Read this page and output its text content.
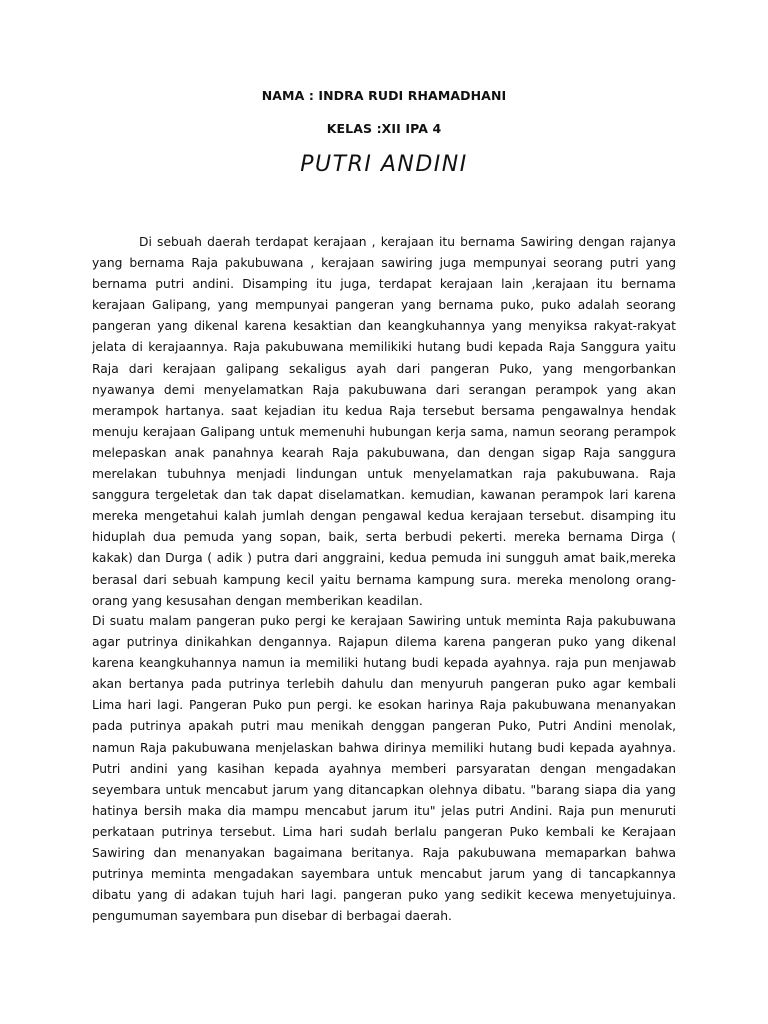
NAMA : INDRA RUDI RHAMADHANI
KELAS :XII IPA 4
PUTRI ANDINI

Di sebuah daerah terdapat kerajaan , kerajaan itu bernama Sawiring dengan rajanya yang bernama Raja pakubuwana , kerajaan sawiring juga mempunyai seorang putri yang bernama putri andini. Disamping itu juga, terdapat kerajaan lain ,kerajaan itu bernama kerajaan Galipang, yang mempunyai pangeran yang bernama puko, puko adalah seorang pangeran yang dikenal karena kesaktian dan keangkuhannya yang menyiksa rakyat-rakyat jelata di kerajaannya. Raja pakubuwana memilikiki hutang budi kepada Raja Sanggura yaitu Raja dari kerajaan galipang sekaligus ayah dari pangeran Puko, yang mengorbankan nyawanya demi menyelamatkan Raja pakubuwana dari serangan perampok yang akan merampok hartanya. saat kejadian itu kedua Raja tersebut bersama pengawalnya hendak menuju kerajaan Galipang untuk memenuhi hubungan kerja sama, namun seorang perampok melepaskan anak panahnya kearah Raja pakubuwana, dan dengan sigap Raja sanggura merelakan tubuhnya menjadi lindungan untuk menyelamatkan raja pakubuwana. Raja sanggura tergeletak dan tak dapat diselamatkan. kemudian, kawanan perampok lari karena mereka mengetahui kalah jumlah dengan pengawal kedua kerajaan tersebut. disamping itu hiduplah dua pemuda yang sopan, baik, serta berbudi pekerti. mereka bernama Dirga ( kakak) dan Durga ( adik ) putra dari anggraini, kedua pemuda ini sungguh amat baik,mereka berasal dari sebuah kampung kecil yaitu bernama kampung sura. mereka menolong orang-orang yang kesusahan dengan memberikan keadilan.

Di suatu malam pangeran puko pergi ke kerajaan Sawiring untuk meminta Raja pakubuwana agar putrinya dinikahkan dengannya. Rajapun dilema karena pangeran puko yang dikenal karena keangkuhannya namun ia memiliki hutang budi kepada ayahnya. raja pun menjawab akan bertanya pada putrinya terlebih dahulu dan menyuruh pangeran puko agar kembali Lima hari lagi. Pangeran Puko pun pergi. ke esokan harinya Raja pakubuwana menanyakan pada putrinya apakah putri mau menikah denggan pangeran Puko, Putri Andini menolak, namun Raja pakubuwana menjelaskan bahwa dirinya memiliki hutang budi kepada ayahnya. Putri andini yang kasihan kepada ayahnya memberi parsyaratan dengan mengadakan seyembara untuk mencabut jarum yang ditancapkan olehnya dibatu. "barang siapa dia yang hatinya bersih maka dia mampu mencabut jarum itu" jelas putri Andini. Raja pun menuruti perkataan putrinya tersebut. Lima hari sudah berlalu pangeran Puko kembali ke Kerajaan Sawiring dan menanyakan bagaimana beritanya. Raja pakubuwana memaparkan bahwa putrinya meminta mengadakan sayembara untuk mencabut jarum yang di tancapkannya dibatu yang di adakan tujuh hari lagi. pangeran puko yang sedikit kecewa menyetujuinya. pengumuman sayembara pun disebar di berbagai daerah.
